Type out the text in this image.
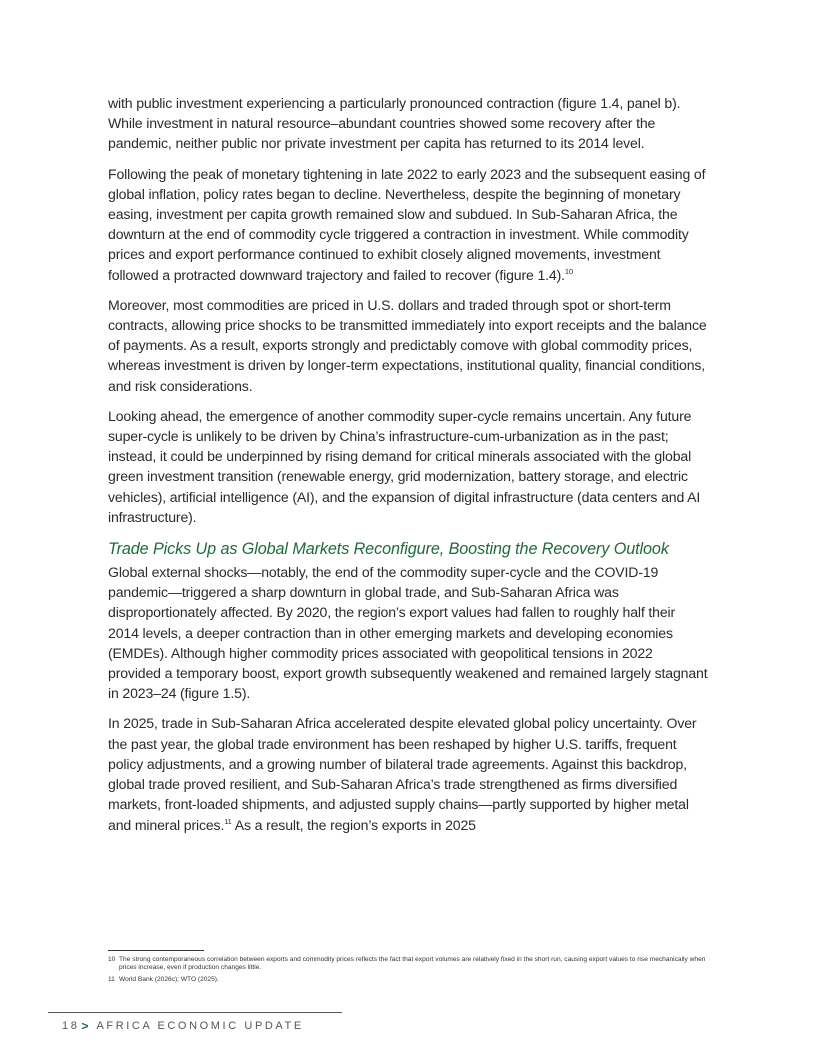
with public investment experiencing a particularly pronounced contraction (figure 1.4, panel b). While investment in natural resource–abundant countries showed some recovery after the pandemic, neither public nor private investment per capita has returned to its 2014 level.

Following the peak of monetary tightening in late 2022 to early 2023 and the subsequent easing of global inflation, policy rates began to decline. Nevertheless, despite the beginning of monetary easing, investment per capita growth remained slow and subdued. In Sub-Saharan Africa, the downturn at the end of commodity cycle triggered a contraction in investment. While commodity prices and export performance continued to exhibit closely aligned movements, investment followed a protracted downward trajectory and failed to recover (figure 1.4).$^{10}$

Moreover, most commodities are priced in U.S. dollars and traded through spot or short-term contracts, allowing price shocks to be transmitted immediately into export receipts and the balance of payments. As a result, exports strongly and predictably comove with global commodity prices, whereas investment is driven by longer-term expectations, institutional quality, financial conditions, and risk considerations.

Looking ahead, the emergence of another commodity super-cycle remains uncertain. Any future super-cycle is unlikely to be driven by China’s infrastructure-cum-urbanization as in the past; instead, it could be underpinned by rising demand for critical minerals associated with the global green investment transition (renewable energy, grid modernization, battery storage, and electric vehicles), artificial intelligence (AI), and the expansion of digital infrastructure (data centers and AI infrastructure).

Trade Picks Up as Global Markets Reconfigure, Boosting the Recovery Outlook

Global external shocks—notably, the end of the commodity super-cycle and the COVID-19 pandemic—triggered a sharp downturn in global trade, and Sub-Saharan Africa was disproportionately affected. By 2020, the region’s export values had fallen to roughly half their 2014 levels, a deeper contraction than in other emerging markets and developing economies (EMDEs). Although higher commodity prices associated with geopolitical tensions in 2022 provided a temporary boost, export growth subsequently weakened and remained largely stagnant in 2023–24 (figure 1.5).

In 2025, trade in Sub-Saharan Africa accelerated despite elevated global policy uncertainty. Over the past year, the global trade environment has been reshaped by higher U.S. tariffs, frequent policy adjustments, and a growing number of bilateral trade agreements. Against this backdrop, global trade proved resilient, and Sub-Saharan Africa’s trade strengthened as firms diversified markets, front-loaded shipments, and adjusted supply chains—partly supported by higher metal and mineral prices.$^{11}$ As a result, the region’s exports in 2025

10 The strong contemporaneous correlation between exports and commodity prices reflects the fact that export volumes are relatively fixed in the short run, causing export values to rise mechanically when prices increase, even if production changes little.
11 World Bank (2026c); WTO (2025).
18 > AFRICA ECONOMIC UPDATE
